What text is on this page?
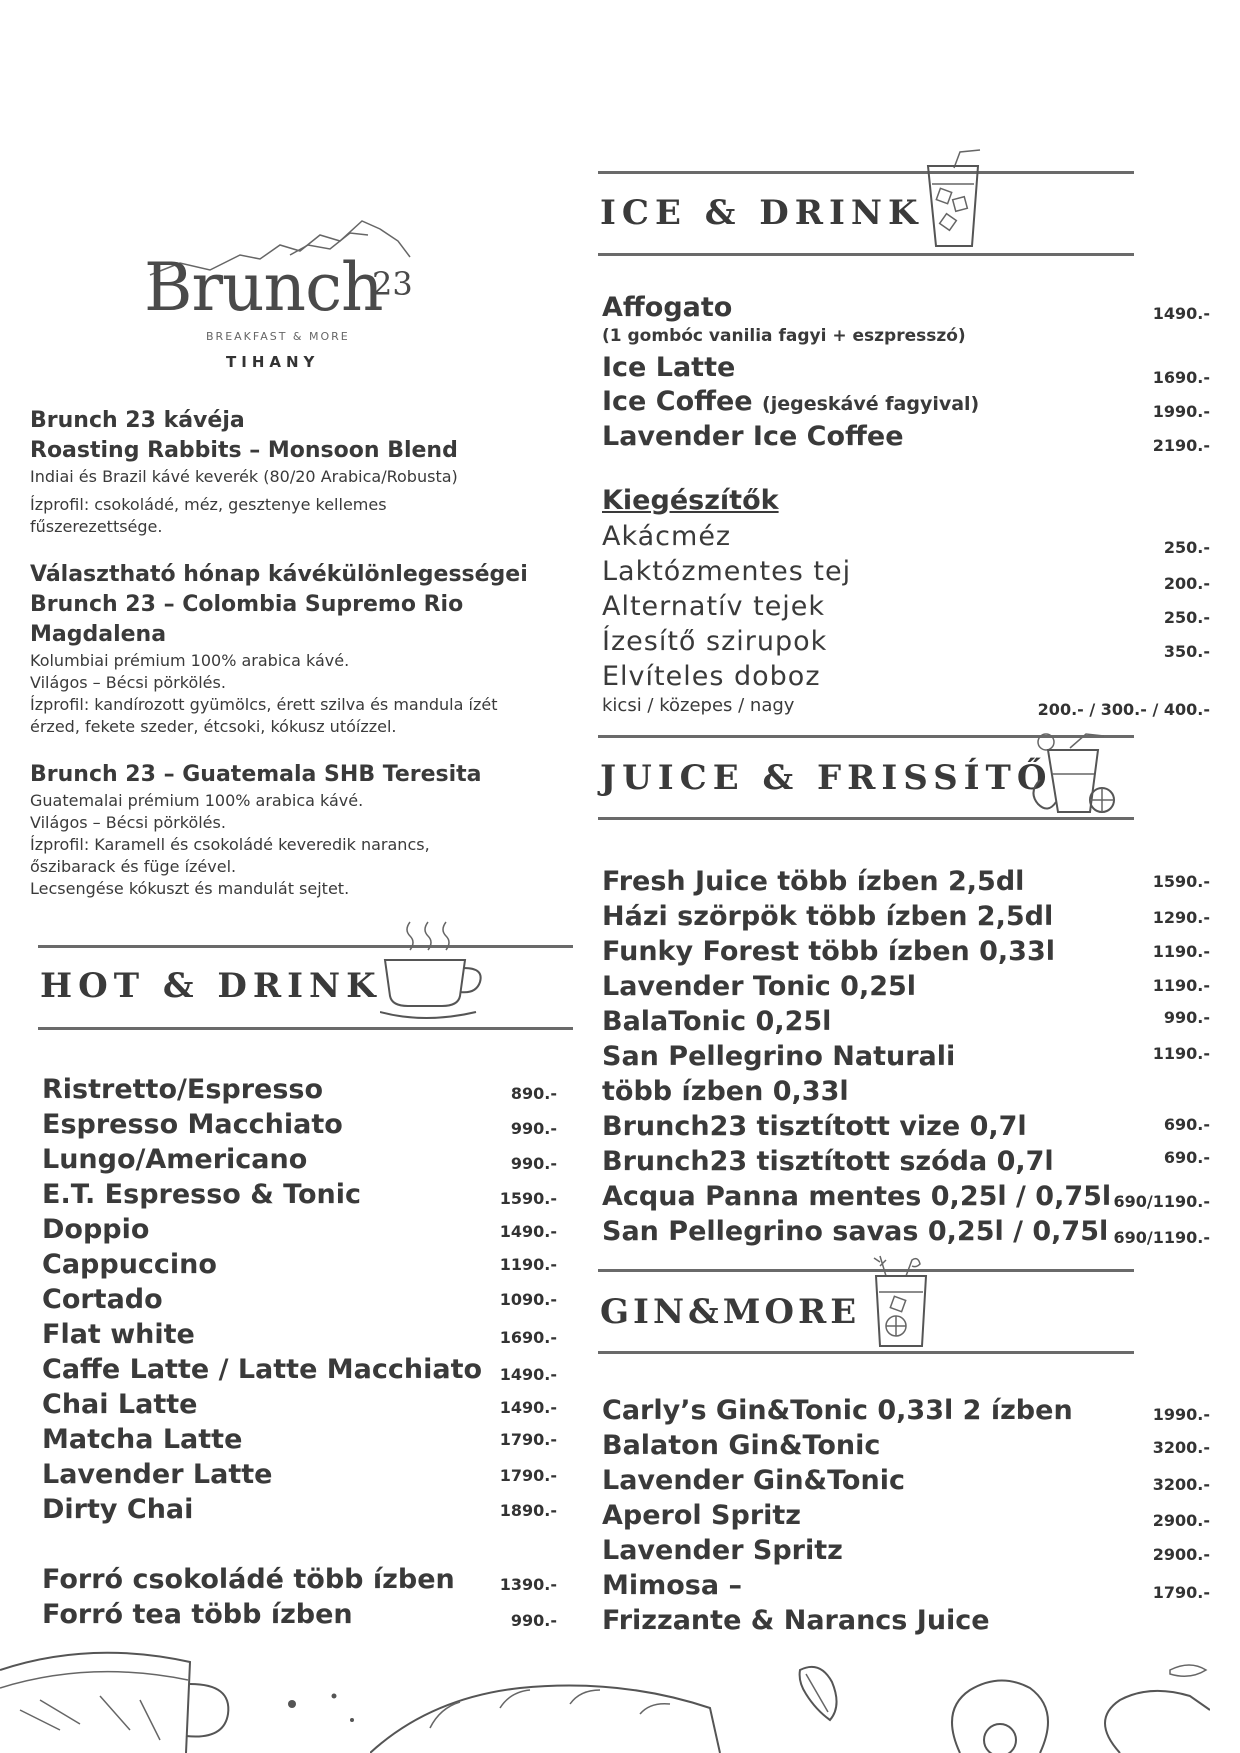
Brunch
23
BREAKFAST & MORE
TIHANY
Brunch 23 kávéja
Roasting Rabbits – Monsoon Blend
Indiai és Brazil kávé keverék (80/20 Arabica/Robusta)
Ízprofil: csokoládé, méz, gesztenye kellemes fűszerezettsége.
Választható hónap kávékülönlegességei
Brunch 23 – Colombia Supremo Rio Magdalena
Kolumbiai prémium 100% arabica kávé.
Világos – Bécsi pörkölés.
Ízprofil: kandírozott gyümölcs, érett szilva és mandula ízét érzed, fekete szeder, étcsoki, kókusz utóízzel.
Brunch 23 – Guatemala SHB Teresita
Guatemalai prémium 100% arabica kávé.
Világos – Bécsi pörkölés.
Ízprofil: Karamell és csokoládé keveredik narancs, őszibarack és füge ízével.
Lecsengése kókuszt és mandulát sejtet.
HOT & DRINK
Ristretto/Espresso	890.-
Espresso Macchiato	990.-
Lungo/Americano	990.-
E.T. Espresso & Tonic	1590.-
Doppio	1490.-
Cappuccino	1190.-
Cortado	1090.-
Flat white	1690.-
Caffe Latte / Latte Macchiato	1490.-
Chai Latte	1490.-
Matcha Latte	1790.-
Lavender Latte	1790.-
Dirty Chai	1890.-
Forró csokoládé több ízben	1390.-
Forró tea több ízben	990.-
ICE & DRINK
Affogato	1490.-
(1 gombóc vanilia fagyi + eszpresszó)
Ice Latte	1690.-
Ice Coffee (jegeskávé fagyival)	1990.-
Lavender Ice Coffee	2190.-
Kiegészítők
Akácméz	250.-
Laktózmentes tej	200.-
Alternatív tejek	250.-
Ízesítő szirupok	350.-
Elvíteles doboz
kicsi / közepes / nagy	200.- / 300.- / 400.-
JUICE & FRISSÍTŐ
Fresh Juice több ízben 2,5dl	1590.-
Házi szörpök több ízben 2,5dl	1290.-
Funky Forest több ízben 0,33l	1190.-
Lavender Tonic 0,25l	1190.-
BalaTonic 0,25l	990.-
San Pellegrino Naturali	1190.-
több ízben 0,33l
Brunch23 tisztított vize 0,7l	690.-
Brunch23 tisztított szóda 0,7l	690.-
Acqua Panna mentes 0,25l / 0,75l 690/1190.-
San Pellegrino savas 0,25l / 0,75l 690/1190.-
GIN&MORE
Carly’s Gin&Tonic 0,33l 2 ízben	1990.-
Balaton Gin&Tonic	3200.-
Lavender Gin&Tonic	3200.-
Aperol Spritz	2900.-
Lavender Spritz	2900.-
Mimosa –	1790.-
Frizzante & Narancs Juice
